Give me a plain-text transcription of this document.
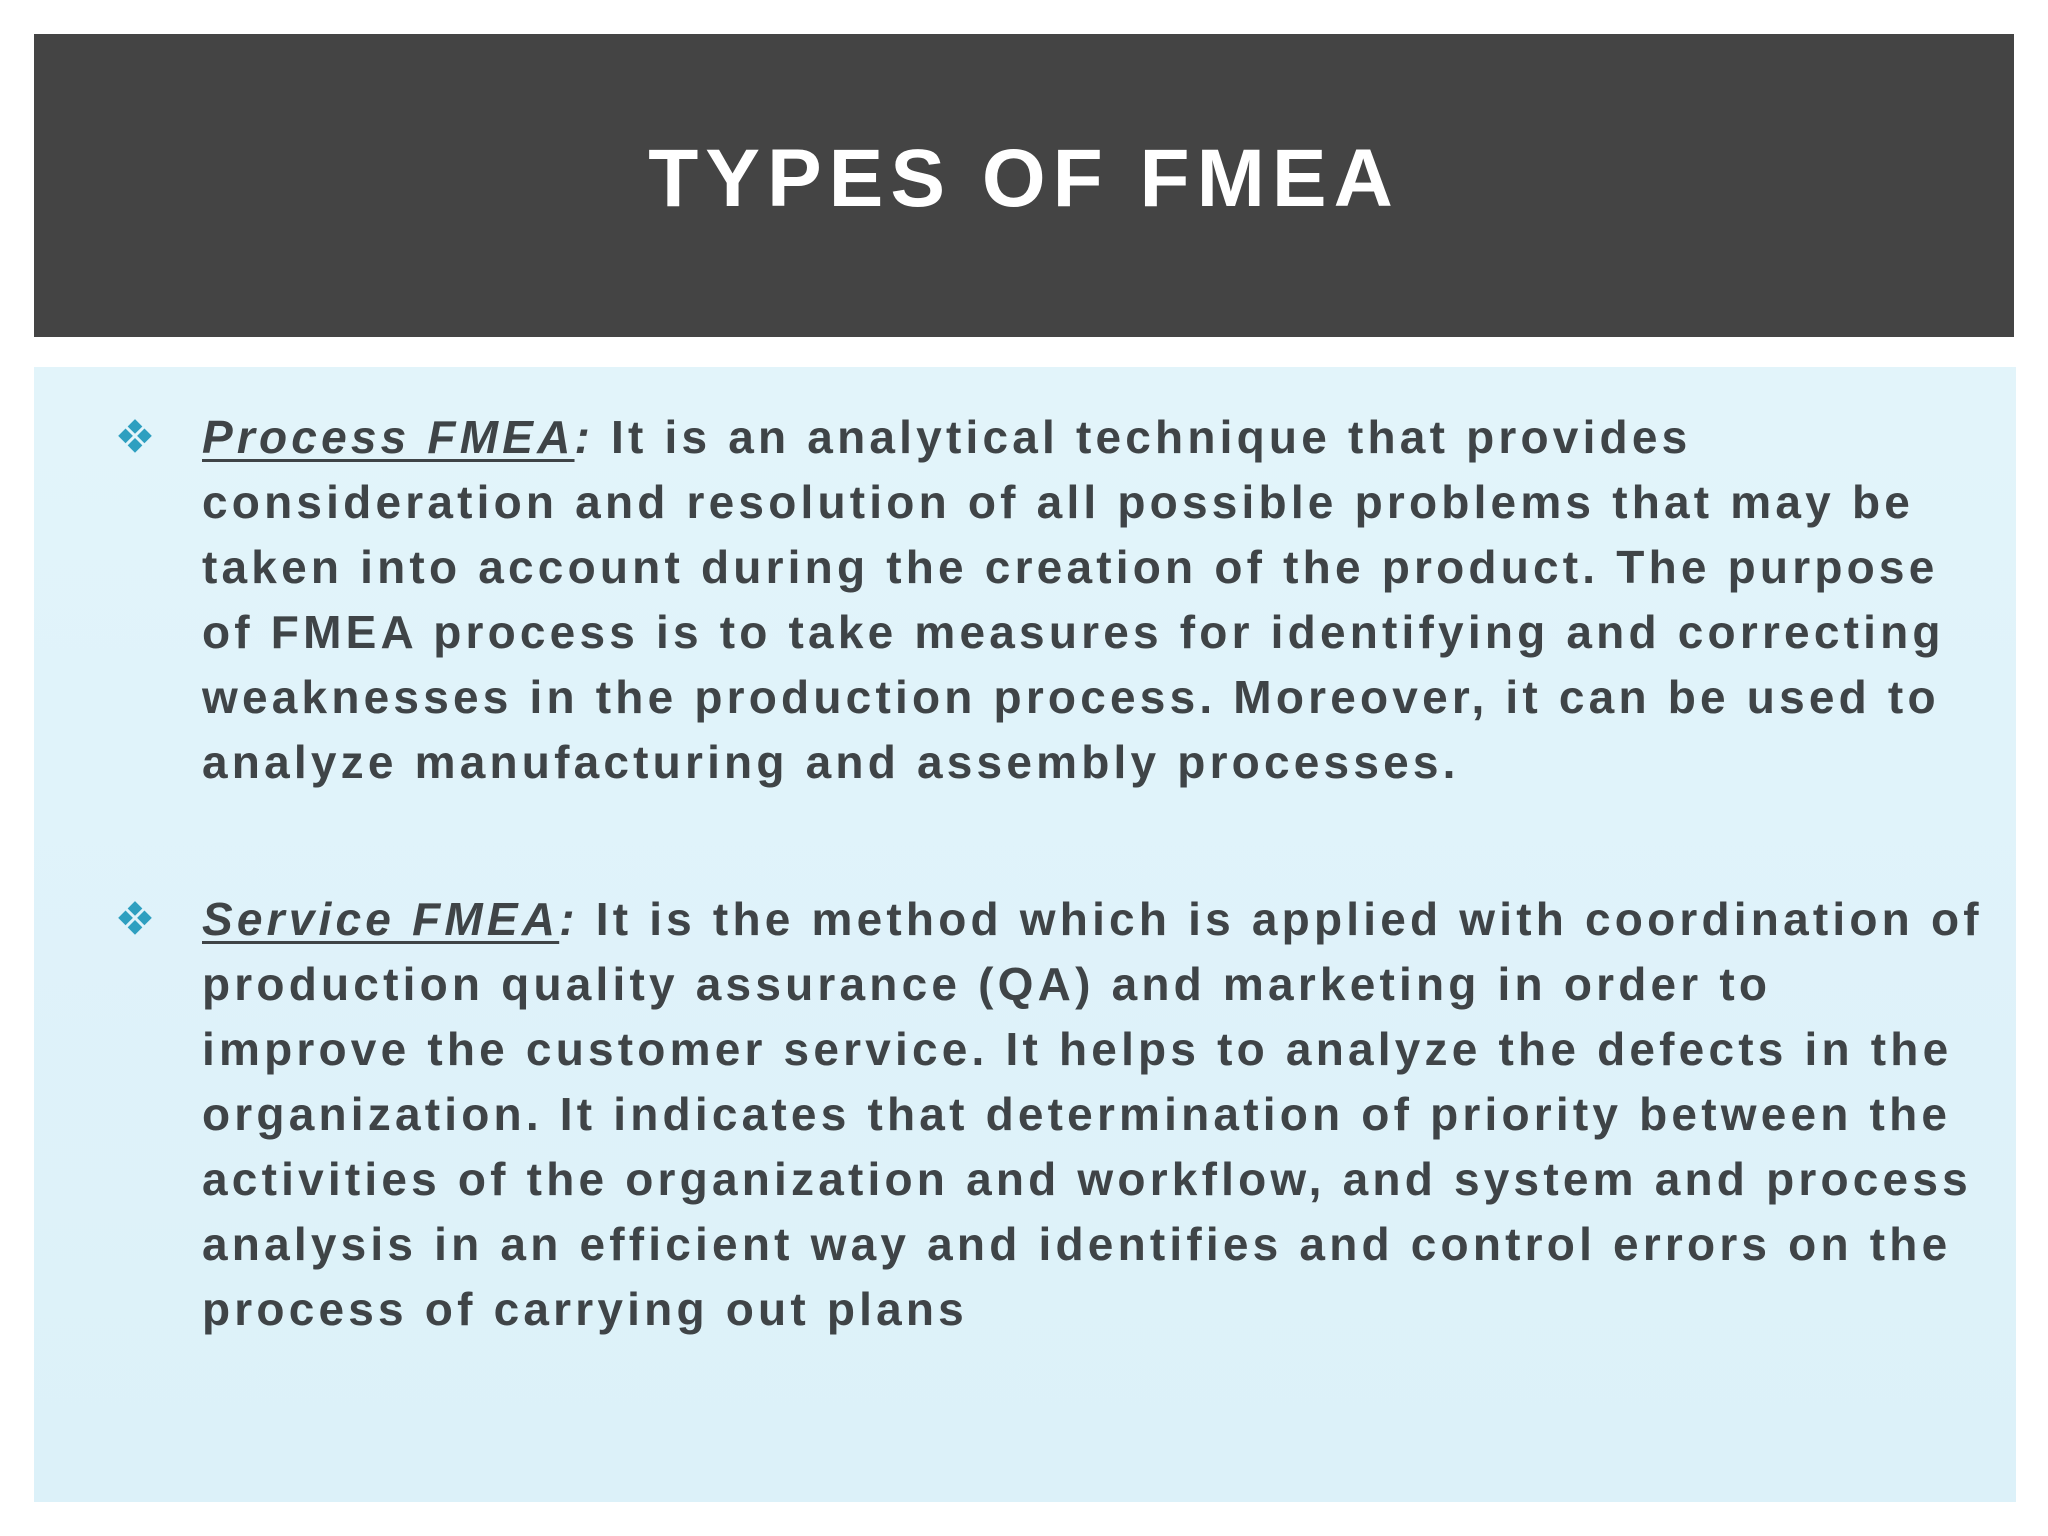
TYPES OF FMEA
Process FMEA: It is an analytical technique that provides consideration and resolution of all possible problems that may be taken into account during the creation of the product. The purpose of FMEA process is to take measures for identifying and correcting weaknesses in the production process. Moreover, it can be used to analyze manufacturing and assembly processes.
Service FMEA: It is the method which is applied with coordination of production quality assurance (QA) and marketing in order to improve the customer service. It helps to analyze the defects in the organization. It indicates that determination of priority between the activities of the organization and workflow, and system and process analysis in an efficient way and identifies and control errors on the process of carrying out plans
